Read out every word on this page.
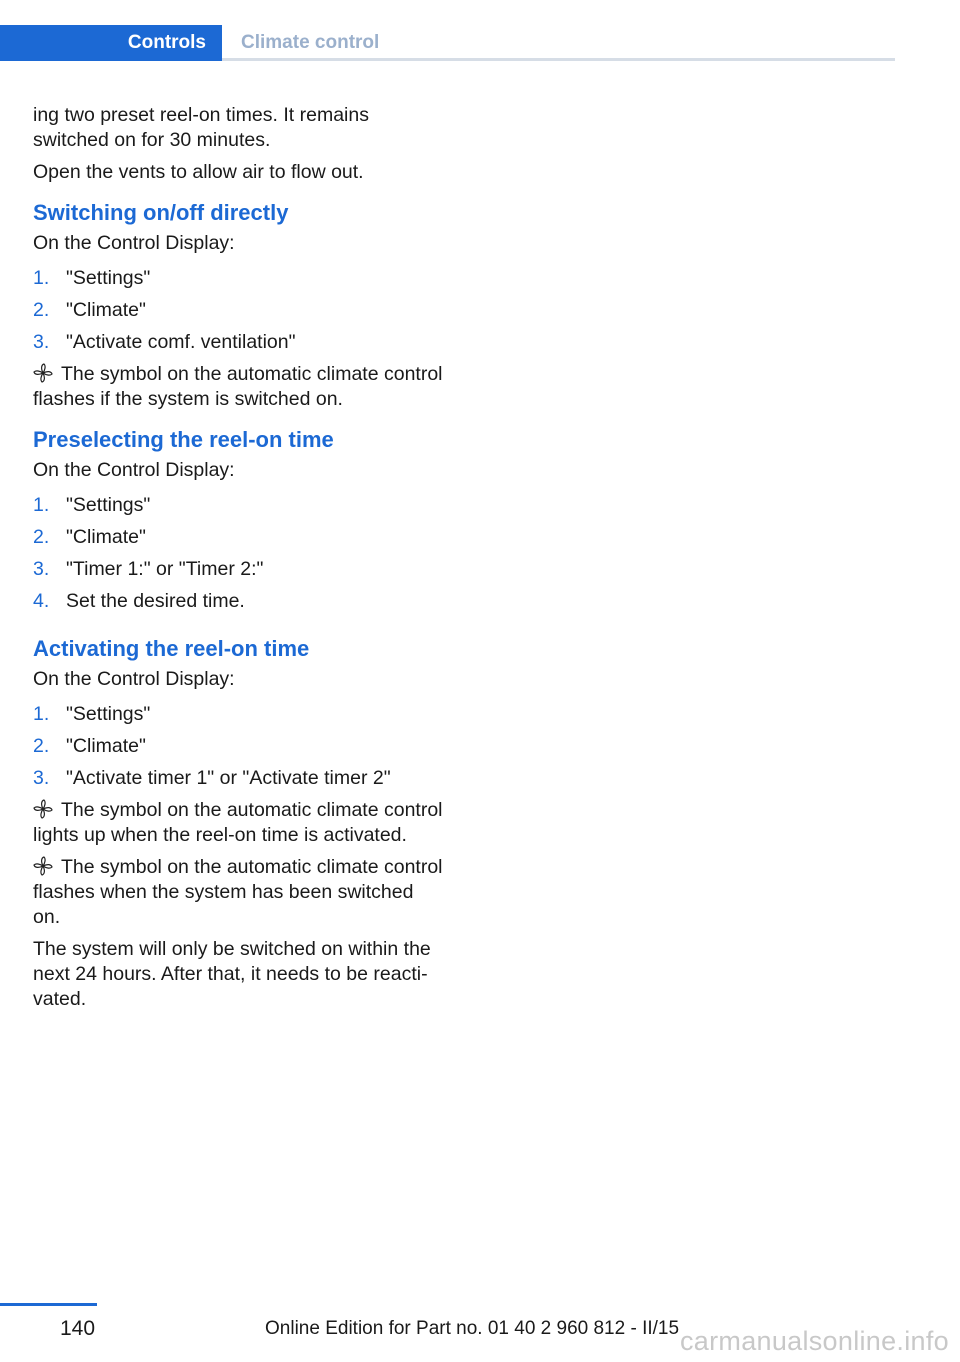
Controls	Climate control

ing two preset reel-on times. It remains switched on for 30 minutes.

Open the vents to allow air to flow out.

Switching on/off directly

On the Control Display:

1. "Settings"
2. "Climate"
3. "Activate comf. ventilation"

The symbol on the automatic climate control flashes if the system is switched on.

Preselecting the reel-on time

On the Control Display:

1. "Settings"
2. "Climate"
3. "Timer 1:" or "Timer 2:"
4. Set the desired time.
Activating the reel-on time

On the Control Display:

1. "Settings"
2. "Climate"
3. "Activate timer 1" or "Activate timer 2"

The symbol on the automatic climate control lights up when the reel-on time is activated.

The symbol on the automatic climate control flashes when the system has been switched on.

The system will only be switched on within the next 24 hours. After that, it needs to be reactivated.

140	Online Edition for Part no. 01 40 2 960 812 - II/15 carmanualsonline.info
